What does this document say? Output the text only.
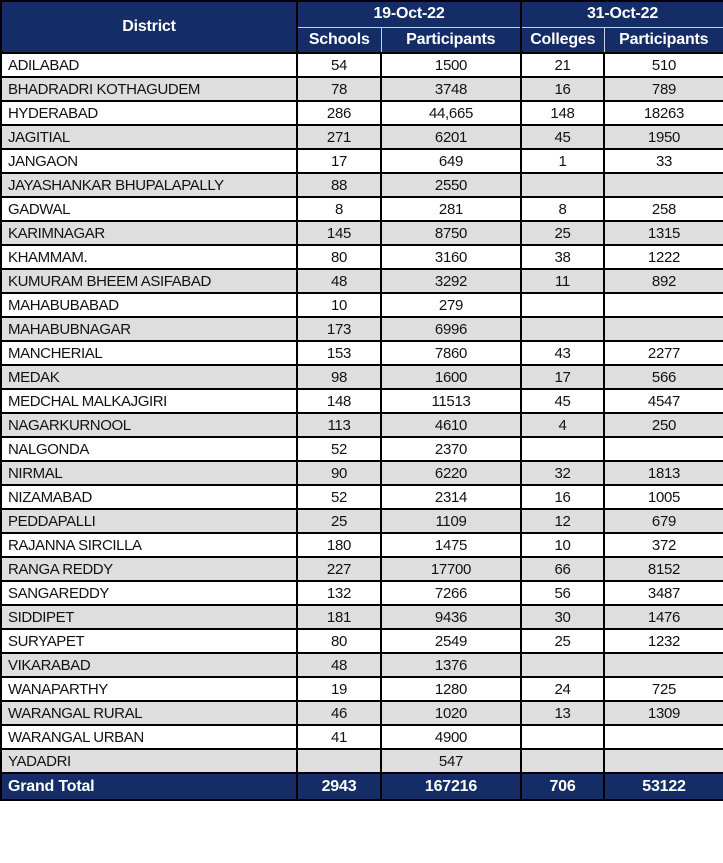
District	19-Oct-22		31-Oct-22	
	Schools	Participants	Colleges	Participants
ADILABAD	54	1500	21	510
BHADRADRI KOTHAGUDEM	78	3748	16	789
HYDERABAD	286	44,665	148	18263
JAGITIAL	271	6201	45	1950
JANGAON	17	649	1	33
JAYASHANKAR BHUPALAPALLY	88	2550		
GADWAL	8	281	8	258
KARIMNAGAR	145	8750	25	1315
KHAMMAM.	80	3160	38	1222
KUMURAM BHEEM ASIFABAD	48	3292	11	892
MAHABUBABAD	10	279		
MAHABUBNAGAR	173	6996		
MANCHERIAL	153	7860	43	2277
MEDAK	98	1600	17	566
MEDCHAL MALKAJGIRI	148	11513	45	4547
NAGARKURNOOL	113	4610	4	250
NALGONDA	52	2370		
NIRMAL	90	6220	32	1813
NIZAMABAD	52	2314	16	1005
PEDDAPALLI	25	1109	12	679
RAJANNA SIRCILLA	180	1475	10	372
RANGA REDDY	227	17700	66	8152
SANGAREDDY	132	7266	56	3487
SIDDIPET	181	9436	30	1476
SURYAPET	80	2549	25	1232
VIKARABAD	48	1376		
WANAPARTHY	19	1280	24	725
WARANGAL RURAL	46	1020	13	1309
WARANGAL URBAN	41	4900		
YADADRI		547		
Grand Total	2943	167216	706	53122
